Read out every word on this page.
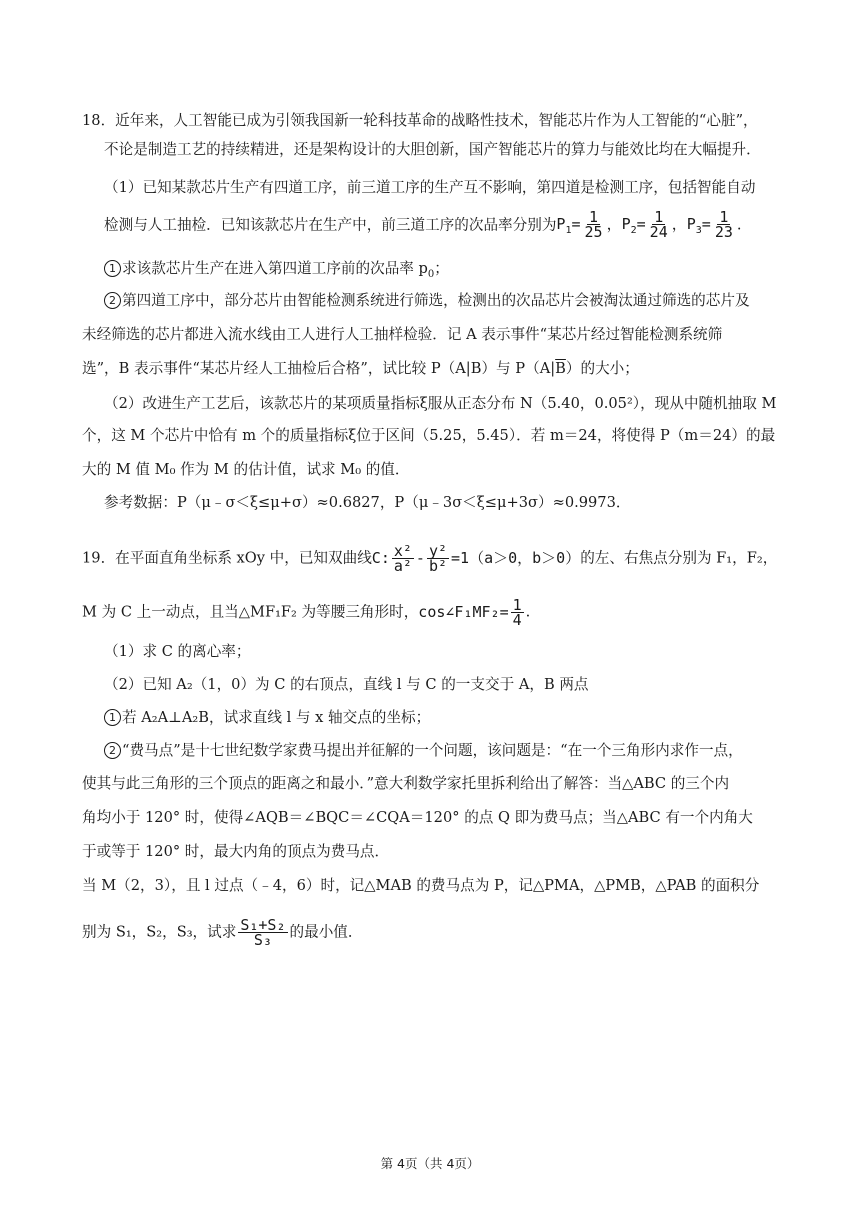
18．近年来，人工智能已成为引领我国新一轮科技革命的战略性技术，智能芯片作为人工智能的“心脏”，
不论是制造工艺的持续精进，还是架构设计的大胆创新，国产智能芯片的算力与能效比均在大幅提升．
（1）已知某款芯片生产有四道工序，前三道工序的生产互不影响，第四道是检测工序，包括智能自动
检测与人工抽检．已知该款芯片在生产中，前三道工序的次品率分别为$P_1= \frac{1}{25}$ ，$P_2= \frac{1}{24}$ ，$P_3= \frac{1}{23}$ .
1 求该款芯片生产在进入第四道工序前的次品率 $p_0$；
2 第四道工序中，部分芯片由智能检测系统进行筛选，检测出的次品芯片会被淘汰通过筛选的芯片及
未经筛选的芯片都进入流水线由工人进行人工抽样检验．记 A 表示事件“某芯片经过智能检测系统筛
选”，B 表示事件“某芯片经人工抽检后合格”，试比较 P（A|B）与 $P(A|\overline{B})$的大小；
（2）改进生产工艺后，该款芯片的某项质量指标ξ服从正态分布 N（5.40，0.05²），现从中随机抽取 M
个，这 M 个芯片中恰有 m 个的质量指标ξ位于区间（5.25，5.45）．若 m＝24，将使得 P（m＝24）的最
大的 M 值 M₀ 作为 M 的估计值，试求 M₀ 的值．
参考数据：P（μ﹣σ＜ξ≤μ+σ）≈0.6827，P（μ﹣3σ＜ξ≤μ+3σ）≈0.9973．
19．在平面直角坐标系 xOy 中，已知双曲线C: $\frac{\text{x²}}{\text{a²}} - \frac{\text{y²}}{\text{b²}} =1(a>0$，b＞0）的左、右焦点分别为 F₁，F₂，
M 为 C 上一动点，且当△MF₁F₂ 为等腰三角形时，cos∠F₁MF₂= $\frac{1}{4}$ .
（1）求 C 的离心率；
（2）已知 A₂（1，0）为 C 的右顶点，直线 l 与 C 的一支交于 A，B 两点
1 若 A₂A⊥A₂B，试求直线 l 与 x 轴交点的坐标；
2 “费马点”是十七世纪数学家费马提出并征解的一个问题，该问题是：“在一个三角形内求作一点，
使其与此三角形的三个顶点的距离之和最小．”意大利数学家托里拆利给出了解答：当△ABC 的三个内
角均小于 120° 时，使得∠AQB＝∠BQC＝∠CQA＝120° 的点 Q 即为费马点；当△ABC 有一个内角大
于或等于 120° 时，最大内角的顶点为费马点．
当 M（2，3），且 l 过点（﹣4，6）时，记△MAB 的费马点为 P，记△PMA，△PMB，△PAB 的面积分
别为 S₁，S₂，S₃，试求 $\frac{\text{S₁+S₂}}{\text{S₃}}$ 的最小值．
第 4页（共 4页）
